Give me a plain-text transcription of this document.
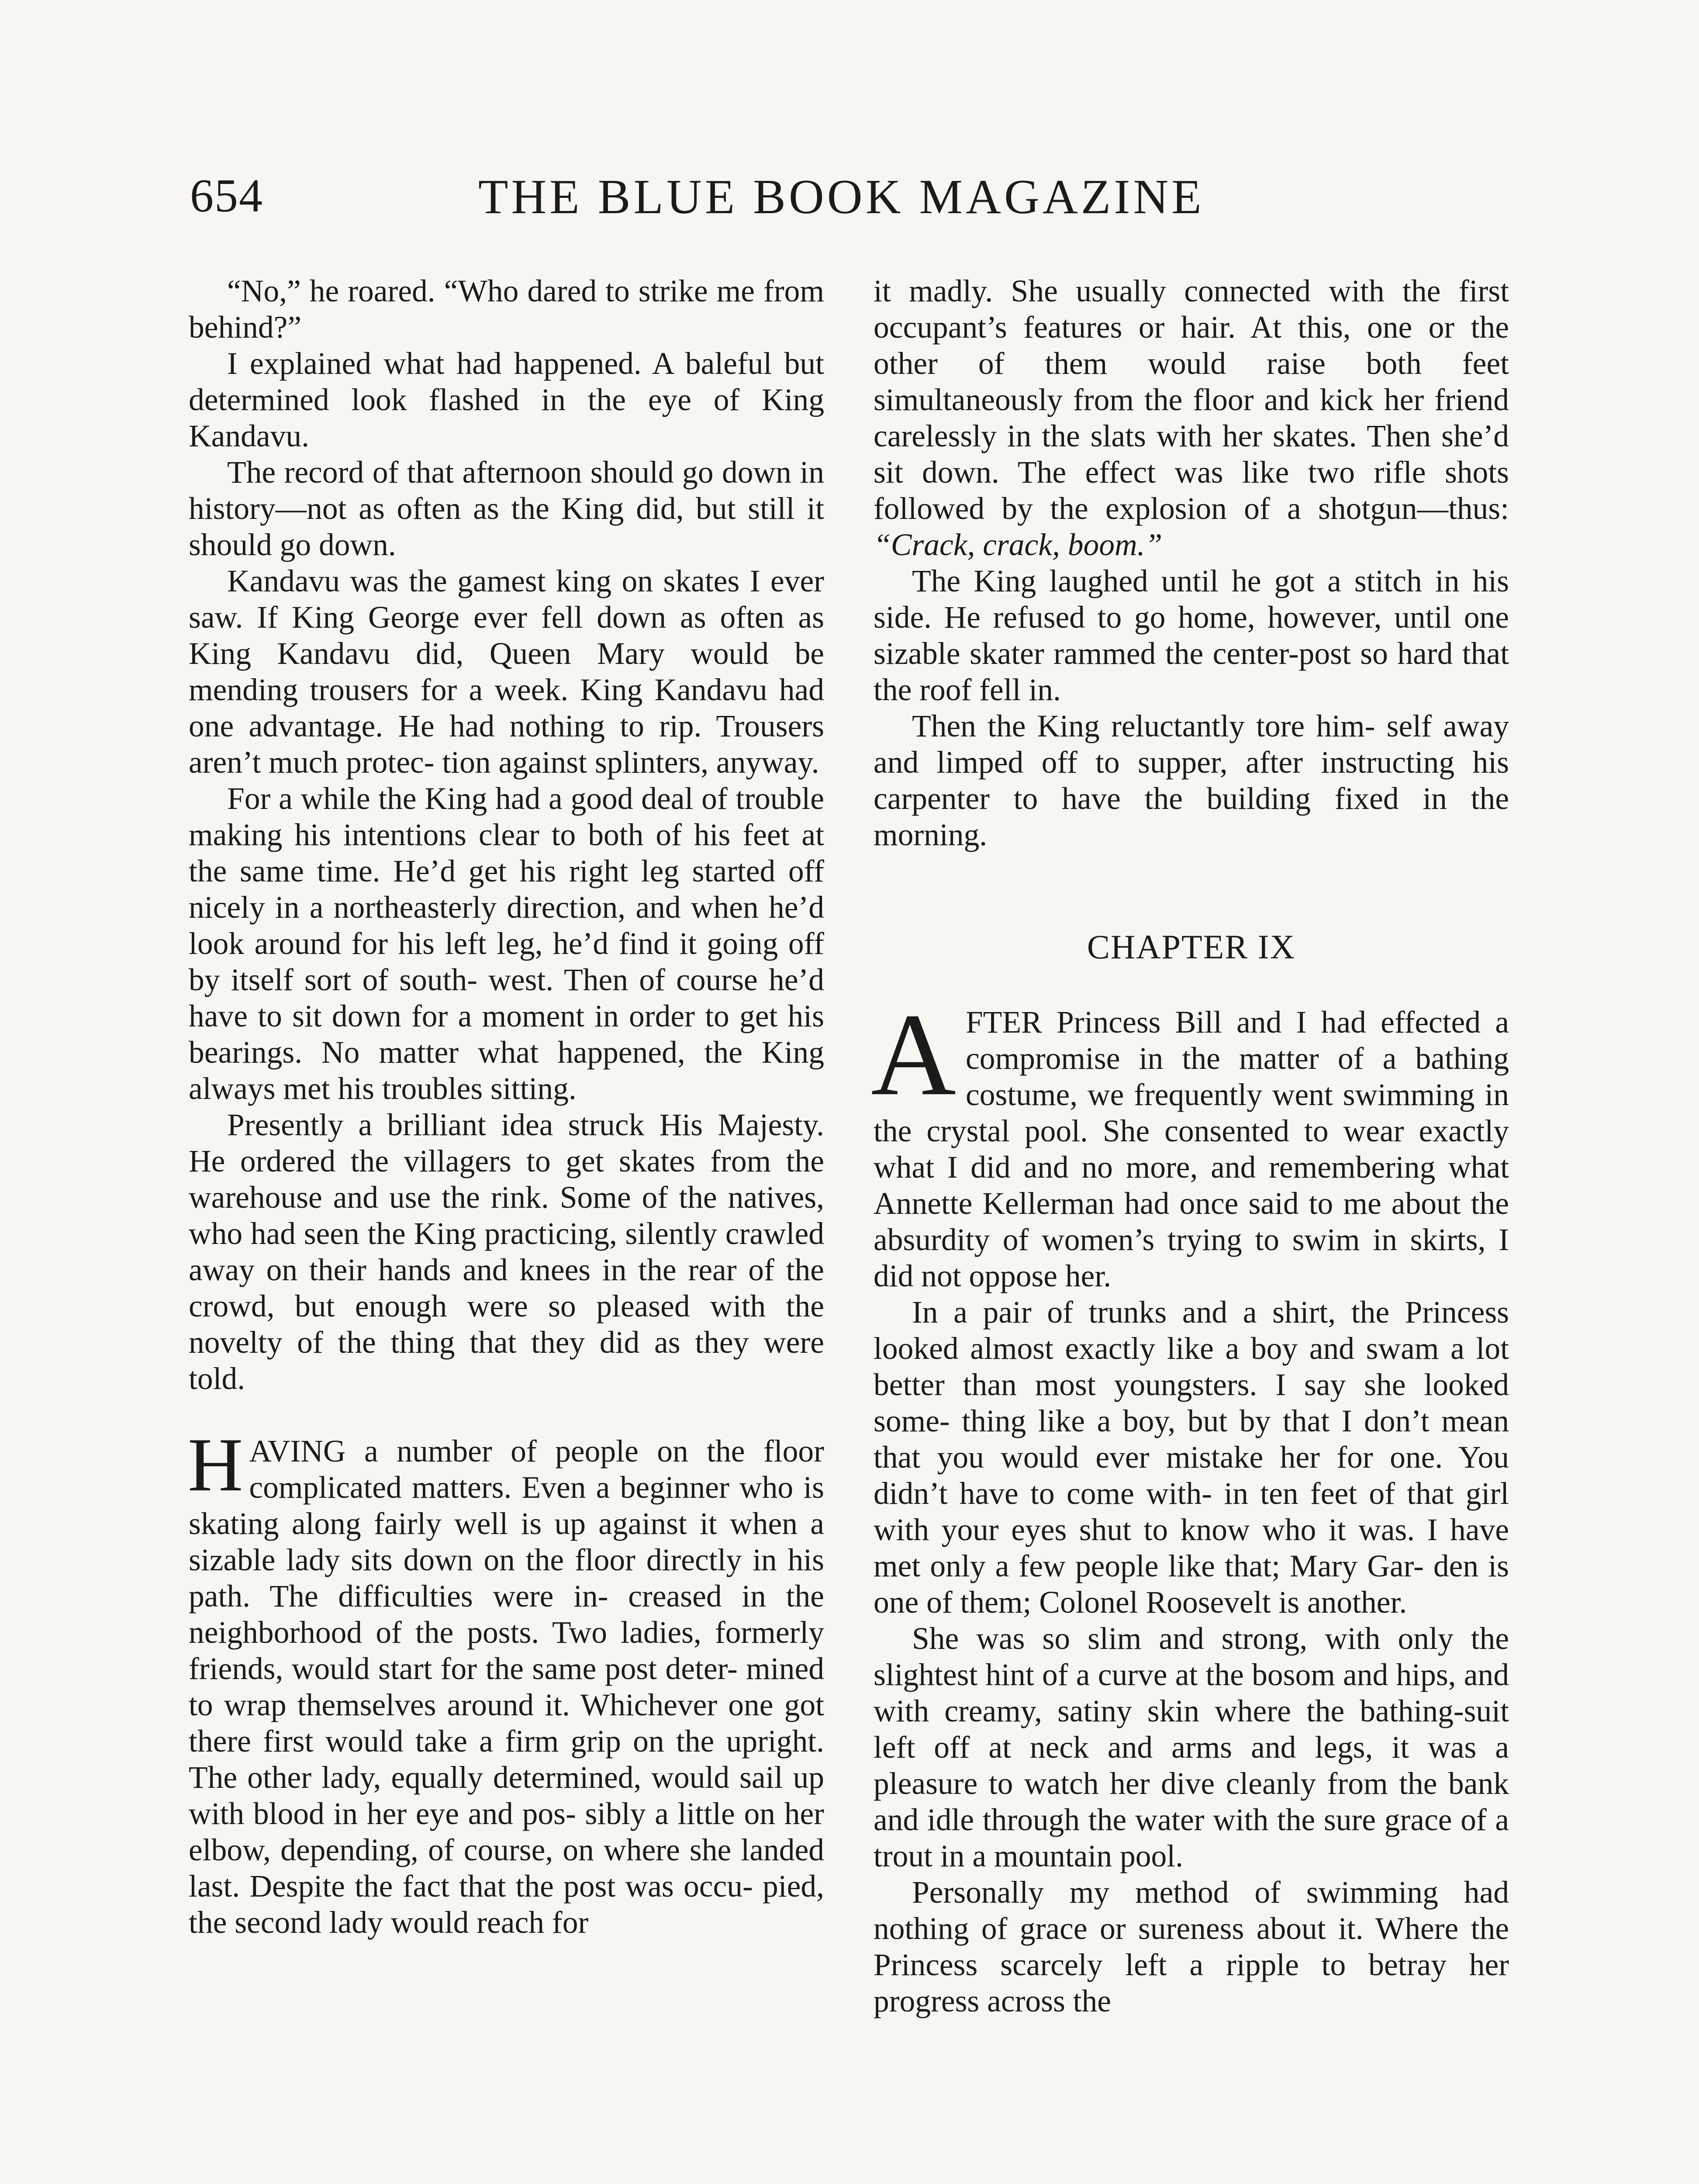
654	THE BLUE BOOK MAGAZINE

“No,” he roared. “Who dared to strike me from behind?”

I explained what had happened. A baleful but determined look flashed in the eye of King Kandavu.

The record of that afternoon should go down in history—not as often as the King did, but still it should go down.

Kandavu was the gamest king on skates I ever saw. If King George ever fell down as often as King Kandavu did, Queen Mary would be mending trousers for a week. King Kandavu had one advantage. He had nothing to rip. Trousers aren’t much protec- tion against splinters, anyway.

For a while the King had a good deal of trouble making his intentions clear to both of his feet at the same time. He’d get his right leg started off nicely in a northeasterly direction, and when he’d look around for his left leg, he’d find it going off by itself sort of south- west. Then of course he’d have to sit down for a moment in order to get his bearings. No matter what happened, the King always met his troubles sitting.

Presently a brilliant idea struck His Majesty. He ordered the villagers to get skates from the warehouse and use the rink. Some of the natives, who had seen the King practicing, silently crawled away on their hands and knees in the rear of the crowd, but enough were so pleased with the novelty of the thing that they did as they were told.

HAVING a number of people on the floor complicated matters. Even a beginner who is skating along fairly well is up against it when a sizable lady sits down on the floor directly in his path. The difficulties were in- creased in the neighborhood of the posts. Two ladies, formerly friends, would start for the same post deter- mined to wrap themselves around it. Whichever one got there first would take a firm grip on the upright. The other lady, equally determined, would sail up with blood in her eye and pos- sibly a little on her elbow, depending, of course, on where she landed last. Despite the fact that the post was occu- pied, the second lady would reach for

it madly. She usually connected with the first occupant’s features or hair. At this, one or the other of them would raise both feet simultaneously from the floor and kick her friend carelessly in the slats with her skates. Then she’d sit down. The effect was like two rifle shots followed by the explosion of a shotgun—thus: “Crack, crack, boom.”

The King laughed until he got a stitch in his side. He refused to go home, however, until one sizable skater rammed the center-post so hard that the roof fell in.

Then the King reluctantly tore him- self away and limped off to supper, after instructing his carpenter to have the building fixed in the morning.

CHAPTER IX

AFTER Princess Bill and I had effected a compromise in the matter of a bathing costume, we frequently went swimming in the crystal pool. She consented to wear exactly what I did and no more, and remembering what Annette Kellerman had once said to me about the absurdity of women’s trying to swim in skirts, I did not oppose her.

In a pair of trunks and a shirt, the Princess looked almost exactly like a boy and swam a lot better than most youngsters. I say she looked some- thing like a boy, but by that I don’t mean that you would ever mistake her for one. You didn’t have to come with- in ten feet of that girl with your eyes shut to know who it was. I have met only a few people like that; Mary Gar- den is one of them; Colonel Roosevelt is another.

She was so slim and strong, with only the slightest hint of a curve at the bosom and hips, and with creamy, satiny skin where the bathing-suit left off at neck and arms and legs, it was a pleasure to watch her dive cleanly from the bank and idle through the water with the sure grace of a trout in a mountain pool.

Personally my method of swimming had nothing of grace or sureness about it. Where the Princess scarcely left a ripple to betray her progress across the
